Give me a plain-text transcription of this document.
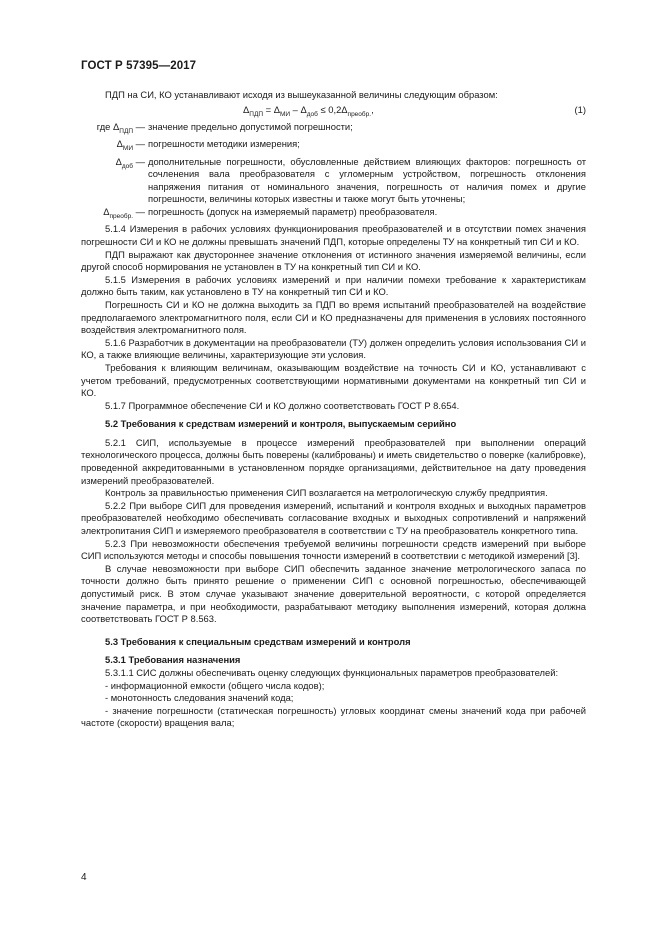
ГОСТ Р 57395—2017

ПДП на СИ, КО устанавливают исходя из вышеуказанной величины следующим образом:

$\Delta_{ПДП} = \Delta_{МИ} - \Delta_{доб} \le 0,2\Delta_{преобр.}$,	(1)
где $\Delta_{ПДП}$ — значение предельно допустимой погрешности;
$\Delta_{МИ}$ — погрешности методики измерения;
$\Delta_{доб}$ — дополнительные погрешности, обусловленные действием влияющих факторов: погрешность от сочленения вала преобразователя с угломерным устройством, погрешность отклонения напряжения питания от номинального значения, погрешность от наличия помех и другие погрешности, величины которых известны и также могут быть уточнены;
$\Delta_{преобр.}$ — погрешность (допуск на измеряемый параметр) преобразователя.

5.1.4 Измерения в рабочих условиях функционирования преобразователей и в отсутствии помех значения погрешности СИ и КО не должны превышать значений ПДП, которые определены ТУ на конкретный тип СИ и КО.

ПДП выражают как двустороннее значение отклонения от истинного значения измеряемой величины, если другой способ нормирования не установлен в ТУ на конкретный тип СИ и КО.

5.1.5 Измерения в рабочих условиях измерений и при наличии помехи требование к характеристикам должно быть таким, как установлено в ТУ на конкретный тип СИ и КО.

Погрешность СИ и КО не должна выходить за ПДП во время испытаний преобразователей на воздействие предполагаемого электромагнитного поля, если СИ и КО предназначены для применения в условиях постоянного воздействия электромагнитного поля.

5.1.6 Разработчик в документации на преобразователи (ТУ) должен определить условия использования СИ и КО, а также влияющие величины, характеризующие эти условия.

Требования к влияющим величинам, оказывающим воздействие на точность СИ и КО, устанавливают с учетом требований, предусмотренных соответствующими нормативными документами на конкретный тип СИ и КО.

5.1.7 Программное обеспечение СИ и КО должно соответствовать ГОСТ Р 8.654.

5.2 Требования к средствам измерений и контроля, выпускаемым серийно

5.2.1 СИП, используемые в процессе измерений преобразователей при выполнении операций технологического процесса, должны быть поверены (калиброваны) и иметь свидетельство о поверке (калибровке), проведенной аккредитованными в установленном порядке организациями, действительное на дату проведения измерений преобразователей.

Контроль за правильностью применения СИП возлагается на метрологическую службу предприятия.

5.2.2 При выборе СИП для проведения измерений, испытаний и контроля входных и выходных параметров преобразователей необходимо обеспечивать согласование входных и выходных сопротивлений и напряжений электропитания СИП и измеряемого преобразователя в соответствии с ТУ на преобразователь конкретного типа.

5.2.3 При невозможности обеспечения требуемой величины погрешности средств измерений при выборе СИП используются методы и способы повышения точности измерений в соответствии с методикой измерений [3].

В случае невозможности при выборе СИП обеспечить заданное значение метрологического запаса по точности должно быть принято решение о применении СИП с основной погрешностью, обеспечивающей допустимый риск. В этом случае указывают значение доверительной вероятности, с которой определяется значение параметра, и при необходимости, разрабатывают методику выполнения измерений, которая должна соответствовать ГОСТ Р 8.563.

5.3 Требования к специальным средствам измерений и контроля

5.3.1 Требования назначения

5.3.1.1 СИС должны обеспечивать оценку следующих функциональных параметров преобразователей:

- информационной емкости (общего числа кодов);

- монотонность следования значений кода;

- значение погрешности (статическая погрешность) угловых координат смены значений кода при рабочей частоте (скорости) вращения вала;

4
